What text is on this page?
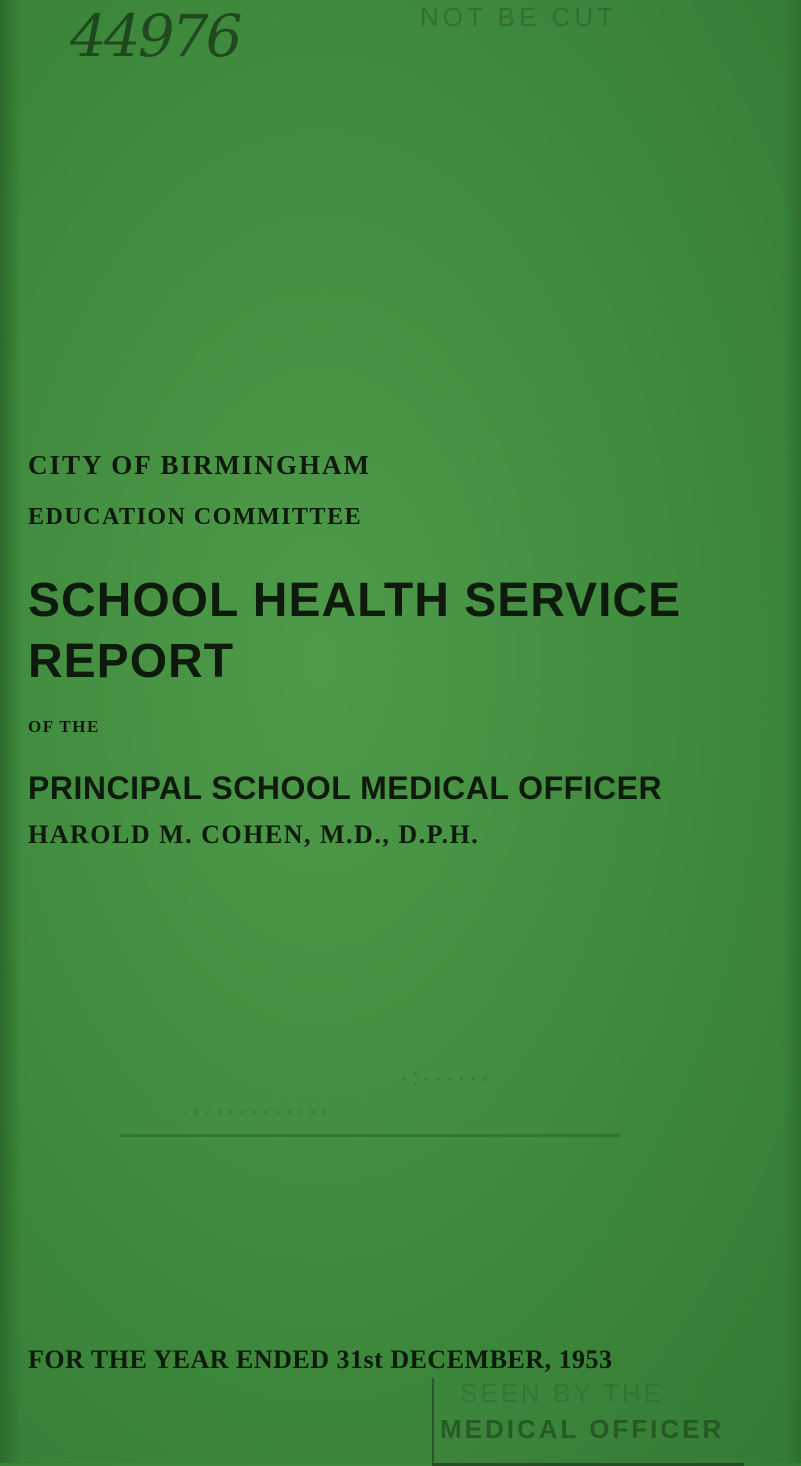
44976	NOT BE CUT
CITY OF BIRMINGHAM
EDUCATION COMMITTEE
SCHOOL HEALTH SERVICE
REPORT

OF THE

PRINCIPAL SCHOOL MEDICAL OFFICER

HAROLD M. COHEN, M.D., D.P.H.

·:······
·············

FOR THE YEAR ENDED 31st DECEMBER, 1953

SEEN BY THE
MEDICAL OFFICER
